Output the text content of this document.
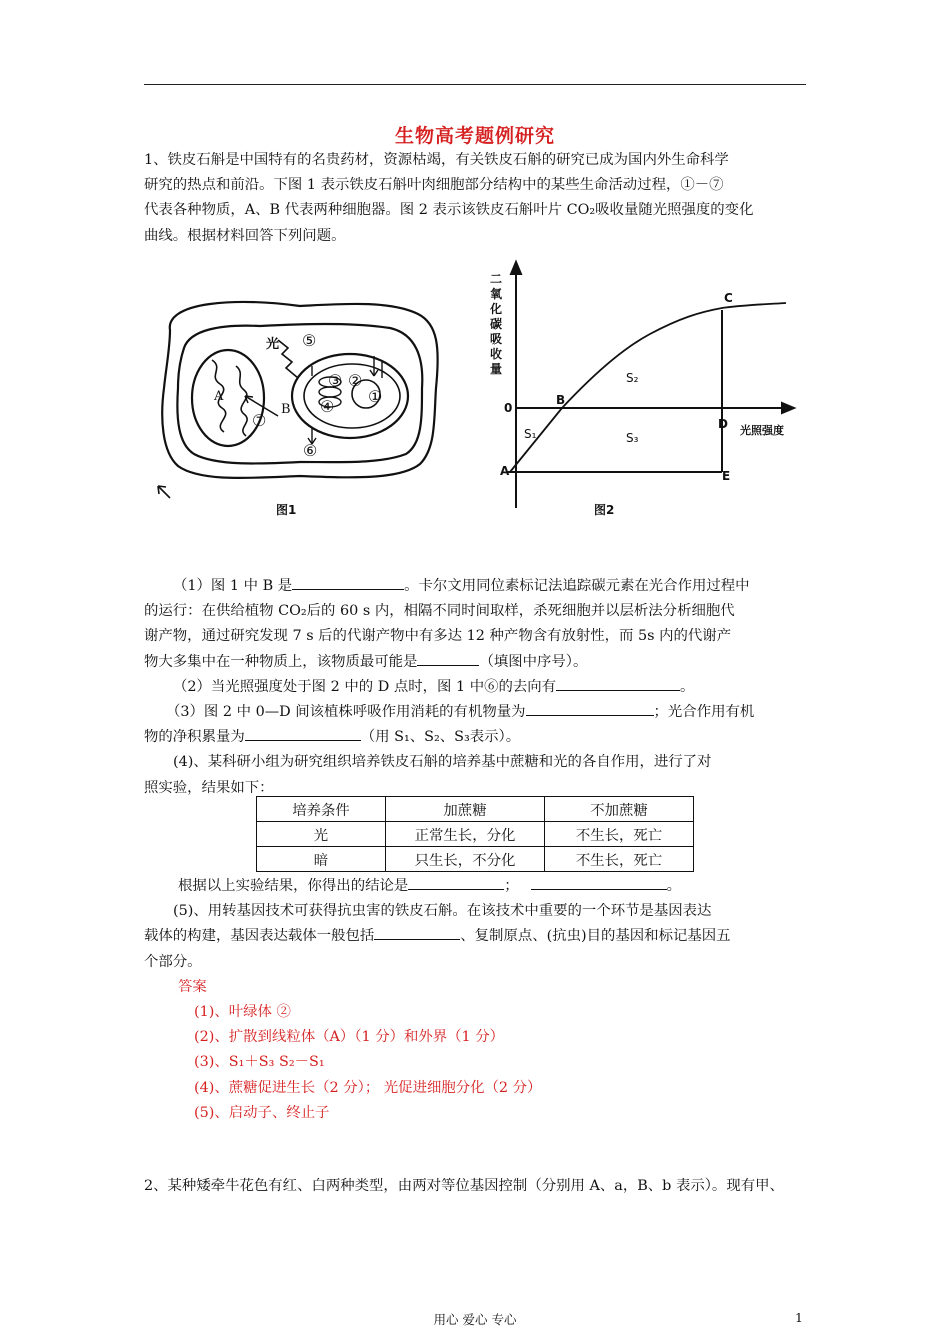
生物高考题例研究
1、铁皮石斛是中国特有的名贵药材，资源枯竭，有关铁皮石斛的研究已成为国内外生命科学
研究的热点和前沿。下图 1 表示铁皮石斛叶肉细胞部分结构中的某些生命活动过程，①－⑦
代表各种物质，A、B 代表两种细胞器。图 2 表示该铁皮石斛叶片 CO₂吸收量随光照强度的变化
曲线。根据材料回答下列问题。
光
A
B
⑤
③ ②
④
①
⑦
⑥
图1
0
A
B
C
D
E
S₂
S₃
S₁	光照强度
二氧化碳吸收量
图2
（1）图 1 中 B 是	。卡尔文用同位素标记法追踪碳元素在光合作用过程中
的运行：在供给植物 CO₂后的 60 s 内，相隔不同时间取样，杀死细胞并以层析法分析细胞代
谢产物，通过研究发现 7 s 后的代谢产物中有多达 12 种产物含有放射性，而 5s 内的代谢产
物大多集中在一种物质上，该物质最可能是	（填图中序号）。
（2）当光照强度处于图 2 中的 D 点时，图 1 中⑥的去向有	。
（3）图 2 中 0—D 间该植株呼吸作用消耗的有机物量为	；光合作用有机
物的净积累量为	（用 S₁、S₂、S₃表示）。
(4)、某科研小组为研究组织培养铁皮石斛的培养基中蔗糖和光的各自作用，进行了对
照实验，结果如下：
培养条件	加蔗糖	不加蔗糖
光	正常生长，分化	不生长，死亡
暗	只生长，不分化	不生长，死亡
根据以上实验结果，你得出的结论是	；	。
(5)、用转基因技术可获得抗虫害的铁皮石斛。在该技术中重要的一个环节是基因表达
载体的构建，基因表达载体一般包括	、复制原点、(抗虫)目的基因和标记基因五
个部分。
答案
(1)、叶绿体 ②
(2)、扩散到线粒体（A）（1 分）和外界（1 分）
(3)、S₁＋S₃ S₂－S₁
(4)、蔗糖促进生长（2 分）； 光促进细胞分化（2 分）
(5)、启动子、终止子
2、某种矮牵牛花色有红、白两种类型，由两对等位基因控制（分别用 A、a，B、b 表示）。现有甲、
用心 爱心 专心	1
